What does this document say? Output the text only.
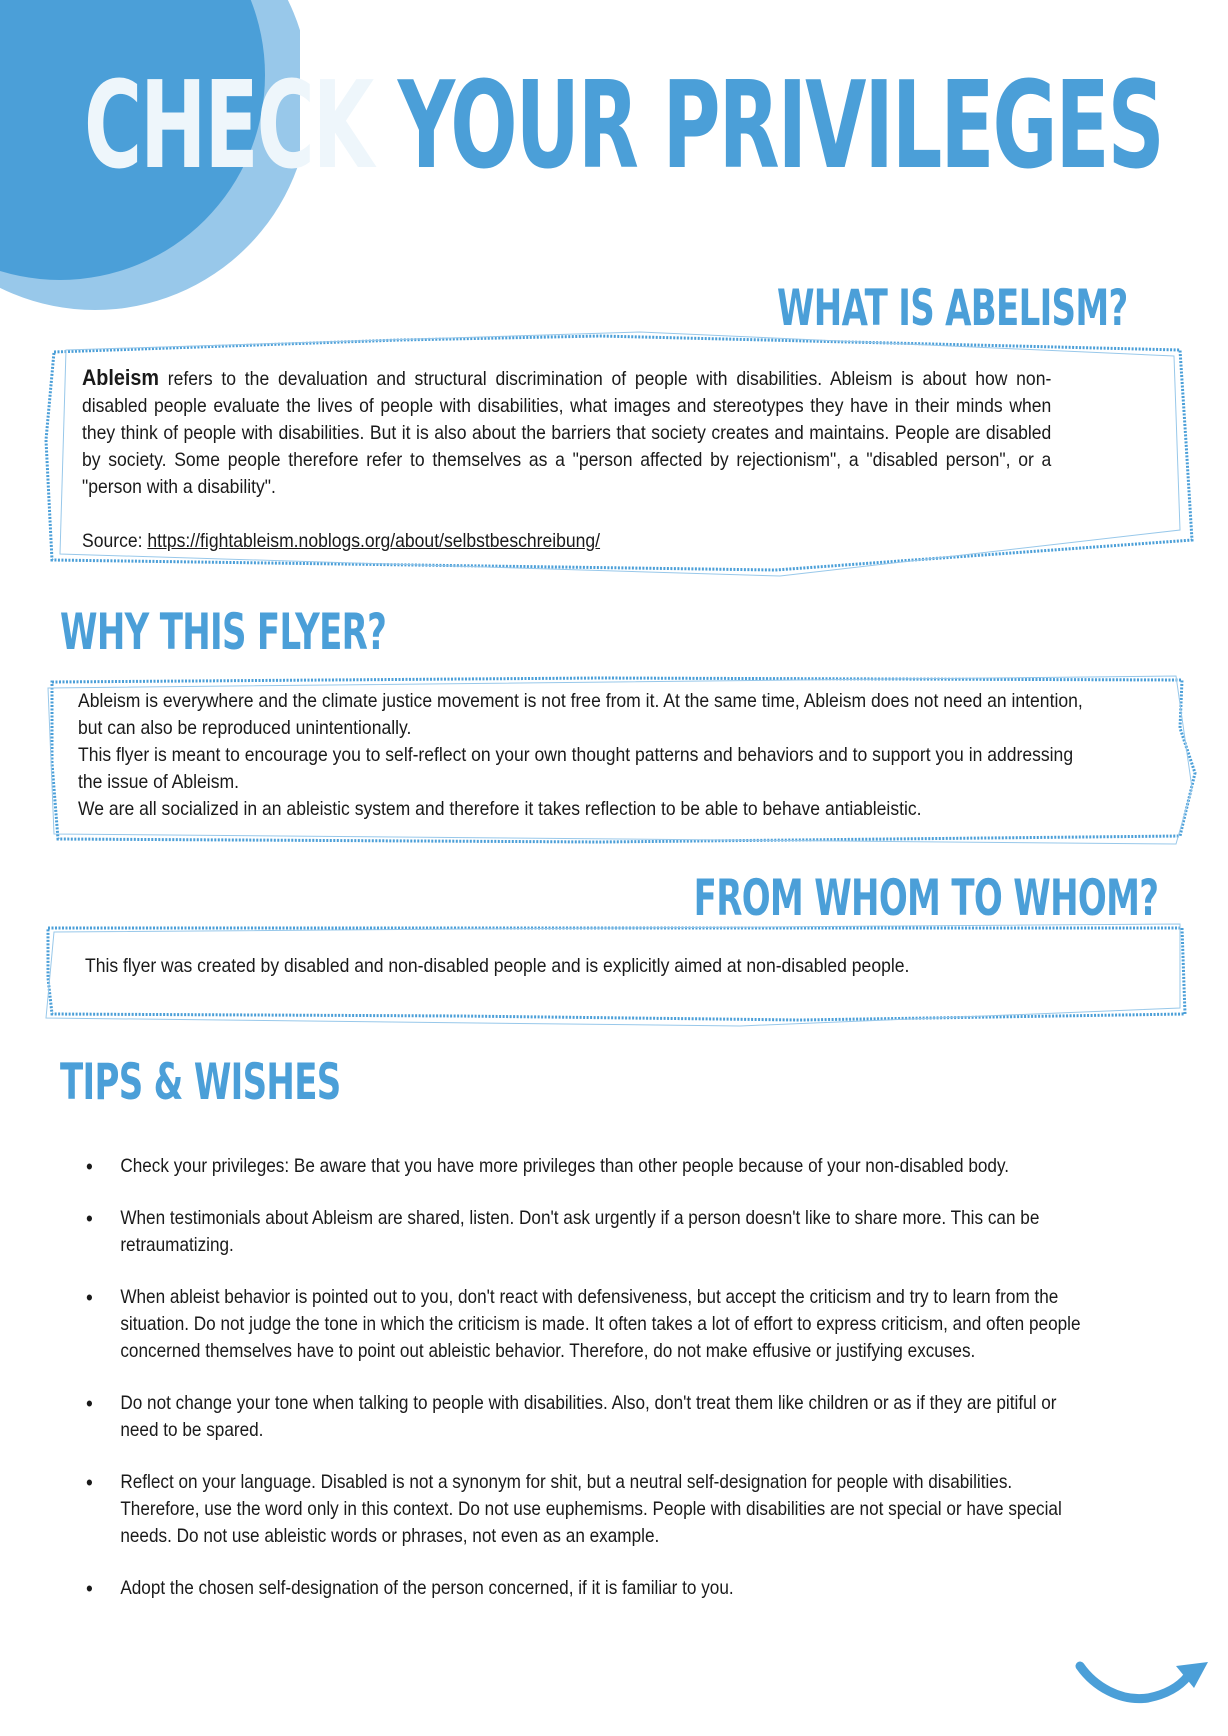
CHECK YOUR PRIVILEGES
WHAT IS ABELISM?

Ableism refers to the devaluation and structural discrimination of people with disabilities. Ableism is about how non-disabled people evaluate the lives of people with disabilities, what images and stereotypes they have in their minds when they think of people with disabilities. But it is also about the barriers that society creates and maintains. People are disabled by society. Some people therefore refer to themselves as a "person affected by rejectionism", a "disabled person", or a "person with a disability".

Source: https://fightableism.noblogs.org/about/selbstbeschreibung/

WHY THIS FLYER?

Ableism is everywhere and the climate justice movement is not free from it. At the same time, Ableism does not need an intention, but can also be reproduced unintentionally.

This flyer is meant to encourage you to self-reflect on your own thought patterns and behaviors and to support you in addressing the issue of Ableism.

We are all socialized in an ableistic system and therefore it takes reflection to be able to behave antiableistic.

FROM WHOM TO WHOM?

This flyer was created by disabled and non-disabled people and is explicitly aimed at non-disabled people.

TIPS & WISHES
• Check your privileges: Be aware that you have more privileges than other people because of your non-disabled body.
• When testimonials about Ableism are shared, listen. Don't ask urgently if a person doesn't like to share more. This can be retraumatizing.
• When ableist behavior is pointed out to you, don't react with defensiveness, but accept the criticism and try to learn from the situation. Do not judge the tone in which the criticism is made. It often takes a lot of effort to express criticism, and often people concerned themselves have to point out ableistic behavior. Therefore, do not make effusive or justifying excuses.
• Do not change your tone when talking to people with disabilities. Also, don't treat them like children or as if they are pitiful or need to be spared.
• Reflect on your language. Disabled is not a synonym for shit, but a neutral self-designation for people with disabilities. Therefore, use the word only in this context. Do not use euphemisms. People with disabilities are not special or have special needs. Do not use ableistic words or phrases, not even as an example.
• Adopt the chosen self-designation of the person concerned, if it is familiar to you.
